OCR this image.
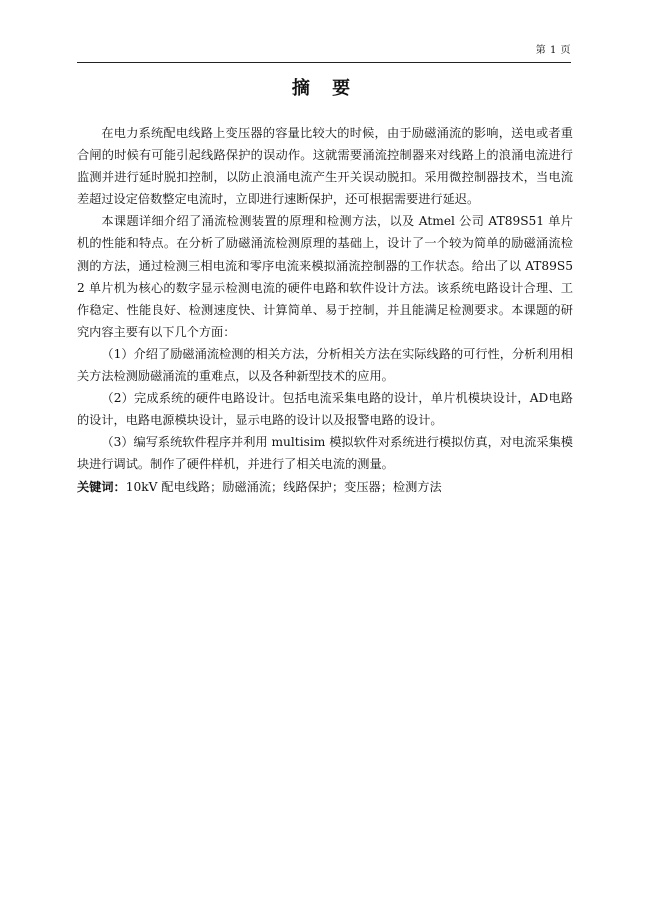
第 1 页
摘 要

在电力系统配电线路上变压器的容量比较大的时候，由于励磁涌流的影响，送电或者重合闸的时候有可能引起线路保护的误动作。这就需要涌流控制器来对线路上的浪涌电流进行监测并进行延时脱扣控制，以防止浪涌电流产生开关误动脱扣。采用微控制器技术，当电流差超过设定倍数整定电流时，立即进行速断保护，还可根据需要进行延迟。

本课题详细介绍了涌流检测装置的原理和检测方法，以及 Atmel 公司 AT89S51 单片机的性能和特点。在分析了励磁涌流检测原理的基础上，设计了一个较为简单的励磁涌流检测的方法，通过检测三相电流和零序电流来模拟涌流控制器的工作状态。给出了以 AT89S52 单片机为核心的数字显示检测电流的硬件电路和软件设计方法。该系统电路设计合理、工作稳定、性能良好、检测速度快、计算简单、易于控制，并且能满足检测要求。本课题的研究内容主要有以下几个方面：

（1）介绍了励磁涌流检测的相关方法，分析相关方法在实际线路的可行性，分析利用相关方法检测励磁涌流的重难点，以及各种新型技术的应用。

（2）完成系统的硬件电路设计。包括电流采集电路的设计，单片机模块设计，AD电路的设计，电路电源模块设计，显示电路的设计以及报警电路的设计。

（3）编写系统软件程序并利用 multisim 模拟软件对系统进行模拟仿真，对电流采集模块进行调试。制作了硬件样机，并进行了相关电流的测量。

关键词：10kV 配电线路；励磁涌流；线路保护；变压器；检测方法
